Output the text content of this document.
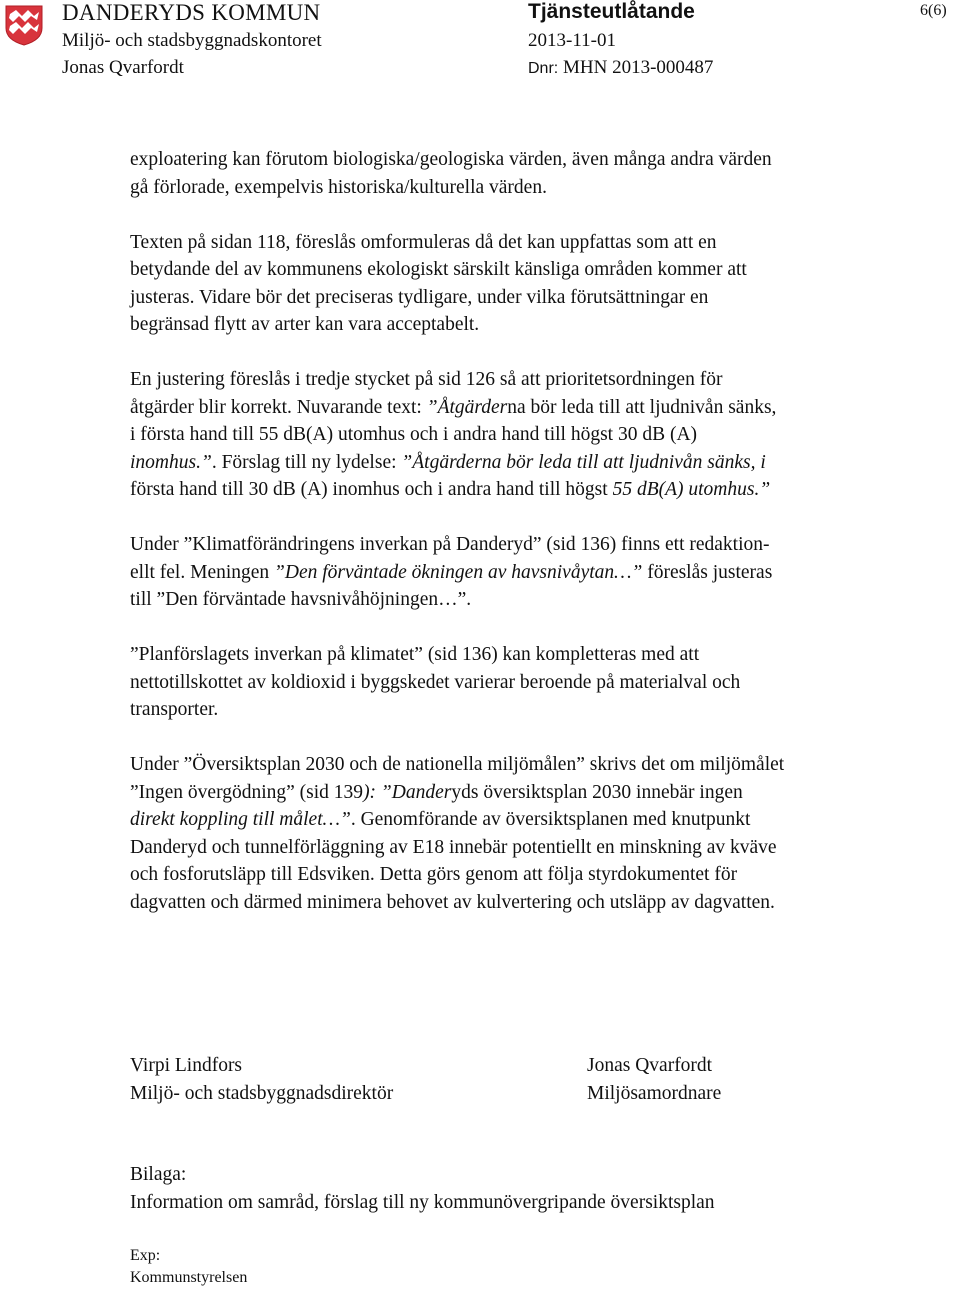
DANDERYDS KOMMUN
Miljö- och stadsbyggnadskontoret
Jonas Qvarfordt
Tjänsteutlåtande
2013-11-01
Dnr: MHN 2013-000487
6(6)

exploatering kan förutom biologiska/geologiska värden, även många andra värden
gå förlorade, exempelvis historiska/kulturella värden.

Texten på sidan 118, föreslås omformuleras då det kan uppfattas som att en
betydande del av kommunens ekologiskt särskilt känsliga områden kommer att
justeras. Vidare bör det preciseras tydligare, under vilka förutsättningar en
begränsad flytt av arter kan vara acceptabelt.

En justering föreslås i tredje stycket på sid 126 så att prioritetsordningen för
åtgärder blir korrekt. Nuvarande text: ”Åtgärderna bör leda till att ljudnivån sänks,
i första hand till 55 dB(A) utomhus och i andra hand till högst 30 dB (A)
inomhus.”. Förslag till ny lydelse: ”Åtgärderna bör leda till att ljudnivån sänks, i
första hand till 30 dB (A) inomhus och i andra hand till högst 55 dB(A) utomhus.”

Under ”Klimatförändringens inverkan på Danderyd” (sid 136) finns ett redaktion-
ellt fel. Meningen ”Den förväntade ökningen av havsnivåytan…” föreslås justeras
till ”Den förväntade havsnivåhöjningen…”.

”Planförslagets inverkan på klimatet” (sid 136) kan kompletteras med att
nettotillskottet av koldioxid i byggskedet varierar beroende på materialval och
transporter.

Under ”Översiktsplan 2030 och de nationella miljömålen” skrivs det om miljömålet
”Ingen övergödning” (sid 139): ”Danderyds översiktsplan 2030 innebär ingen
direkt koppling till målet…”. Genomförande av översiktsplanen med knutpunkt
Danderyd och tunnelförläggning av E18 innebär potentiellt en minskning av kväve
och fosforutsläpp till Edsviken. Detta görs genom att följa styrdokumentet för
dagvatten och därmed minimera behovet av kulvertering och utsläpp av dagvatten.

Virpi Lindfors
Miljö- och stadsbyggnadsdirektör
Jonas Qvarfordt
Miljösamordnare
Bilaga:
Information om samråd, förslag till ny kommunövergripande översiktsplan
Exp:
Kommunstyrelsen
